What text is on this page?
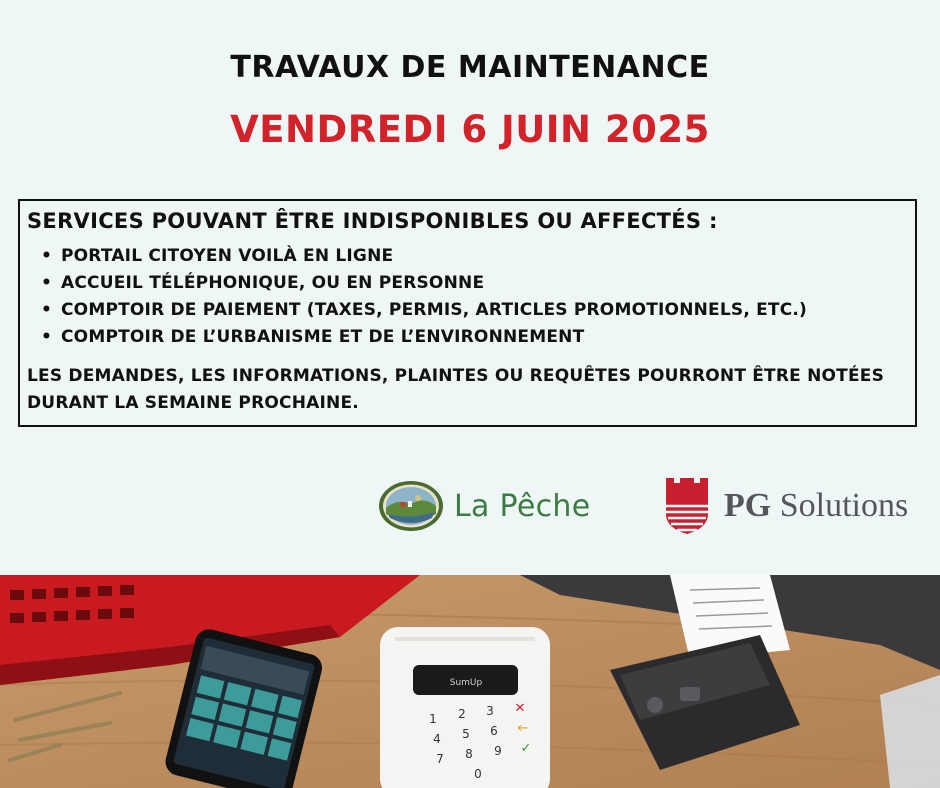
TRAVAUX DE MAINTENANCE
VENDREDI 6 JUIN 2025

SERVICES POUVANT ÊTRE INDISPONIBLES OU AFFECTÉS :

• PORTAIL CITOYEN VOILÀ EN LIGNE
• ACCUEIL TÉLÉPHONIQUE, OU EN PERSONNE
• COMPTOIR DE PAIEMENT (TAXES, PERMIS, ARTICLES PROMOTIONNELS, ETC.)
• COMPTOIR DE L’URBANISME ET DE L’ENVIRONNEMENT

LES DEMANDES, LES INFORMATIONS, PLAINTES OU REQUÊTES POURRONT ÊTRE NOTÉES DURANT LA SEMAINE PROCHAINE.

La Pêche	PG Solutions
SumUp
1 2 3
4 5 6
7 8 9
0
✕
←
✓
